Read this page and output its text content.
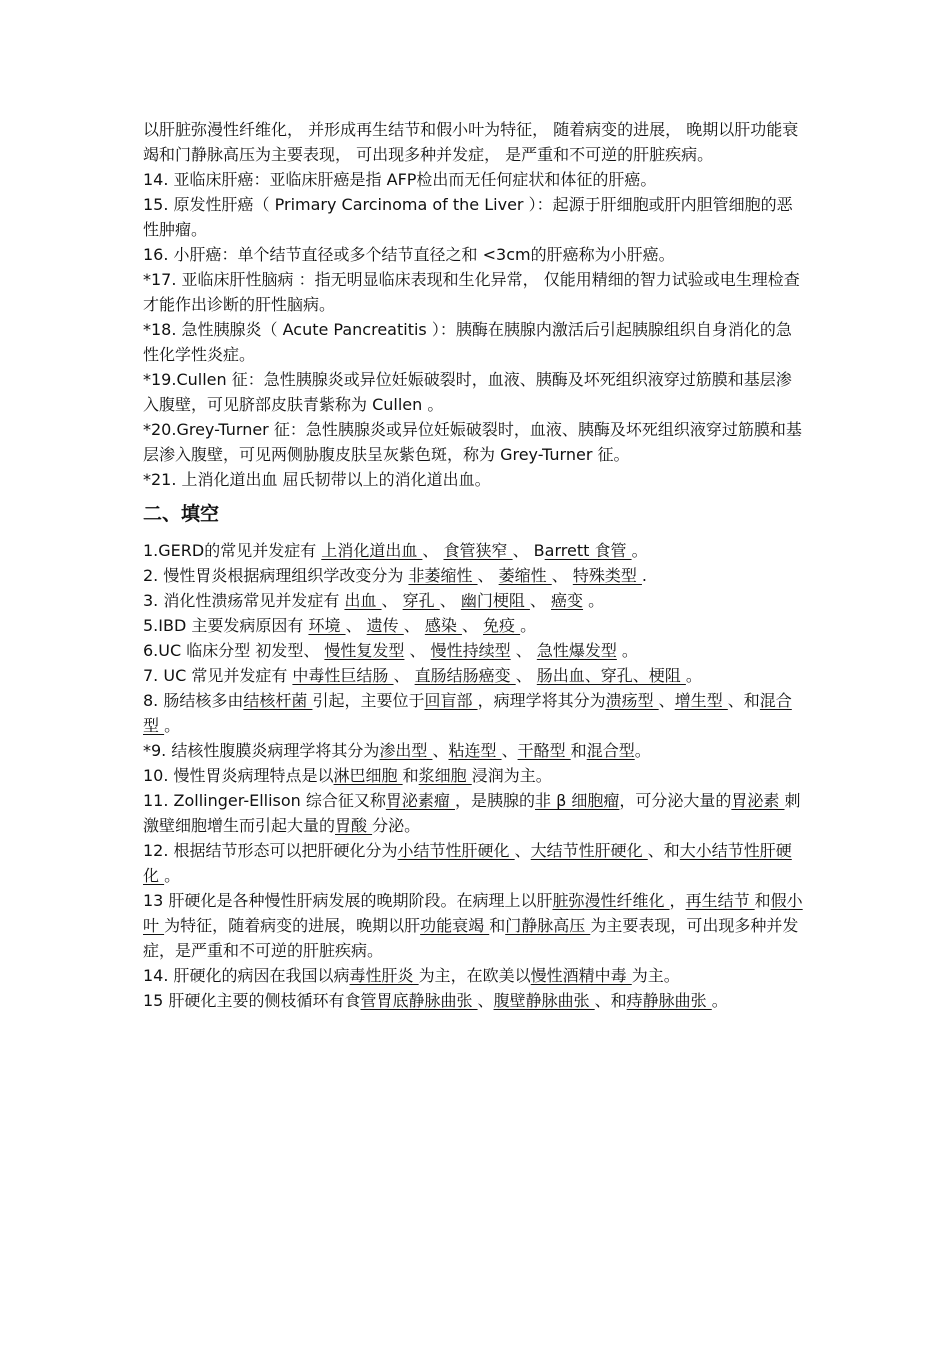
以肝脏弥漫性纤维化， 并形成再生结节和假小叶为特征， 随着病变的进展， 晚期以肝功能衰竭和门静脉高压为主要表现， 可出现多种并发症， 是严重和不可逆的肝脏疾病。

14. 亚临床肝癌：亚临床肝癌是指 AFP检出而无任何症状和体征的肝癌。

15. 原发性肝癌（ Primary Carcinoma of the Liver ）：起源于肝细胞或肝内胆管细胞的恶性肿瘤。

16. 小肝癌：单个结节直径或多个结节直径之和 <3cm的肝癌称为小肝癌。

*17. 亚临床肝性脑病 ：指无明显临床表现和生化异常， 仅能用精细的智力试验或电生理检查才能作出诊断的肝性脑病。

*18. 急性胰腺炎（ Acute Pancreatitis ）：胰酶在胰腺内激活后引起胰腺组织自身消化的急性化学性炎症。

*19.Cullen 征：急性胰腺炎或异位妊娠破裂时，血液、胰酶及坏死组织液穿过筋膜和基层渗入腹壁，可见脐部皮肤青紫称为 Cullen 。

*20.Grey-Turner 征：急性胰腺炎或异位妊娠破裂时，血液、胰酶及坏死组织液穿过筋膜和基层渗入腹壁，可见两侧胁腹皮肤呈灰紫色斑，称为 Grey-Turner 征。

*21. 上消化道出血 屈氏韧带以上的消化道出血。

二、填空

1.GERD的常见并发症有 上消化道出血 、 食管狭窄 、 Barrett 食管 。

2. 慢性胃炎根据病理组织学改变分为 非萎缩性 、 萎缩性 、 特殊类型 .

3. 消化性溃疡常见并发症有 出血 、 穿孔 、 幽门梗阻 、 癌变 。

5.IBD 主要发病原因有 环境 、 遗传 、 感染 、 免疫 。

6.UC 临床分型 初发型、 慢性复发型 、 慢性持续型 、 急性爆发型 。

7. UC 常见并发症有 中毒性巨结肠 、 直肠结肠癌变 、 肠出血、穿孔、梗阻 。

8. 肠结核多由结核杆菌 引起，主要位于回盲部 ，病理学将其分为溃疡型 、增生型 、和混合型 。

*9. 结核性腹膜炎病理学将其分为渗出型 、粘连型 、干酪型 和混合型。

10. 慢性胃炎病理特点是以淋巴细胞 和浆细胞 浸润为主。

11. Zollinger-Ellison 综合征又称胃泌素瘤 ，是胰腺的非 β 细胞瘤，可分泌大量的胃泌素 刺激壁细胞增生而引起大量的胃酸 分泌。

12. 根据结节形态可以把肝硬化分为小结节性肝硬化 、大结节性肝硬化 、和大小结节性肝硬化 。

13 肝硬化是各种慢性肝病发展的晚期阶段。在病理上以肝脏弥漫性纤维化 ，再生结节 和假小叶 为特征，随着病变的进展，晚期以肝功能衰竭 和门静脉高压 为主要表现，可出现多种并发症，是严重和不可逆的肝脏疾病。

14. 肝硬化的病因在我国以病毒性肝炎 为主，在欧美以慢性酒精中毒 为主。

15 肝硬化主要的侧枝循环有食管胃底静脉曲张 、腹壁静脉曲张 、和痔静脉曲张 。
